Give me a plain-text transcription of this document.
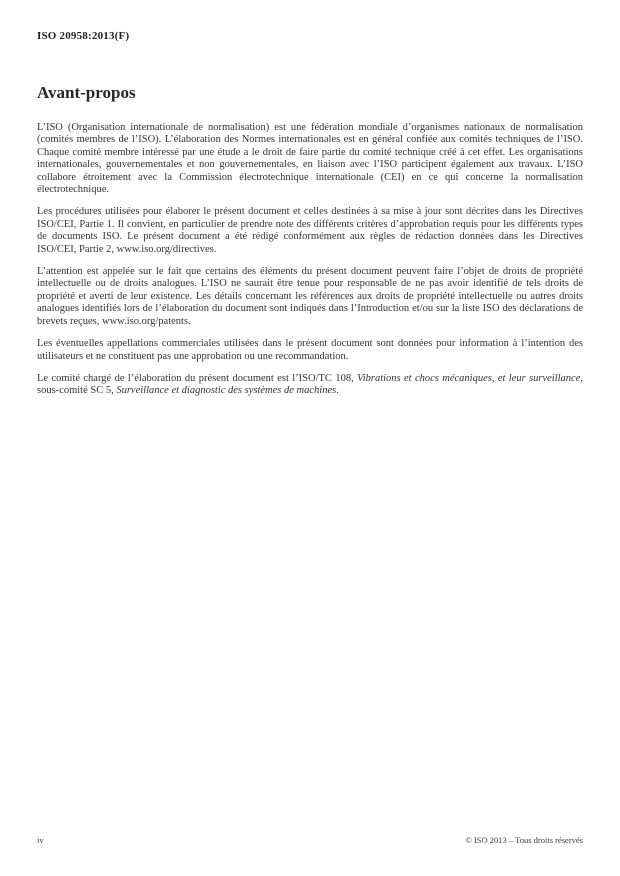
ISO 20958:2013(F)
Avant-propos

L’ISO (Organisation internationale de normalisation) est une fédération mondiale d’organismes nationaux de normalisation (comités membres de l’ISO). L’élaboration des Normes internationales est en général confiée aux comités techniques de l’ISO. Chaque comité membre intéressé par une étude a le droit de faire partie du comité technique créé à cet effet. Les organisations internationales, gouvernementales et non gouvernementales, en liaison avec l’ISO participent également aux travaux. L’ISO collabore étroitement avec la Commission électrotechnique internationale (CEI) en ce qui concerne la normalisation électrotechnique.

Les procédures utilisées pour élaborer le présent document et celles destinées à sa mise à jour sont décrites dans les Directives ISO/CEI, Partie 1. Il convient, en particulier de prendre note des différents critères d’approbation requis pour les différents types de documents ISO. Le présent document a été rédigé conformément aux règles de rédaction données dans les Directives ISO/CEI, Partie 2, www.iso.org/directives.

L’attention est appelée sur le fait que certains des éléments du présent document peuvent faire l’objet de droits de propriété intellectuelle ou de droits analogues. L’ISO ne saurait être tenue pour responsable de ne pas avoir identifié de tels droits de propriété et averti de leur existence. Les détails concernant les références aux droits de propriété intellectuelle ou autres droits analogues identifiés lors de l’élaboration du document sont indiqués dans l’Introduction et/ou sur la liste ISO des déclarations de brevets reçues, www.iso.org/patents.

Les éventuelles appellations commerciales utilisées dans le présent document sont données pour information à l’intention des utilisateurs et ne constituent pas une approbation ou une recommandation.

Le comité chargé de l’élaboration du présent document est l’ISO/TC 108, Vibrations et chocs mécaniques, et leur surveillance, sous-comité SC 5, Surveillance et diagnostic des systèmes de machines.

iv	© ISO 2013 – Tous droits réservés
